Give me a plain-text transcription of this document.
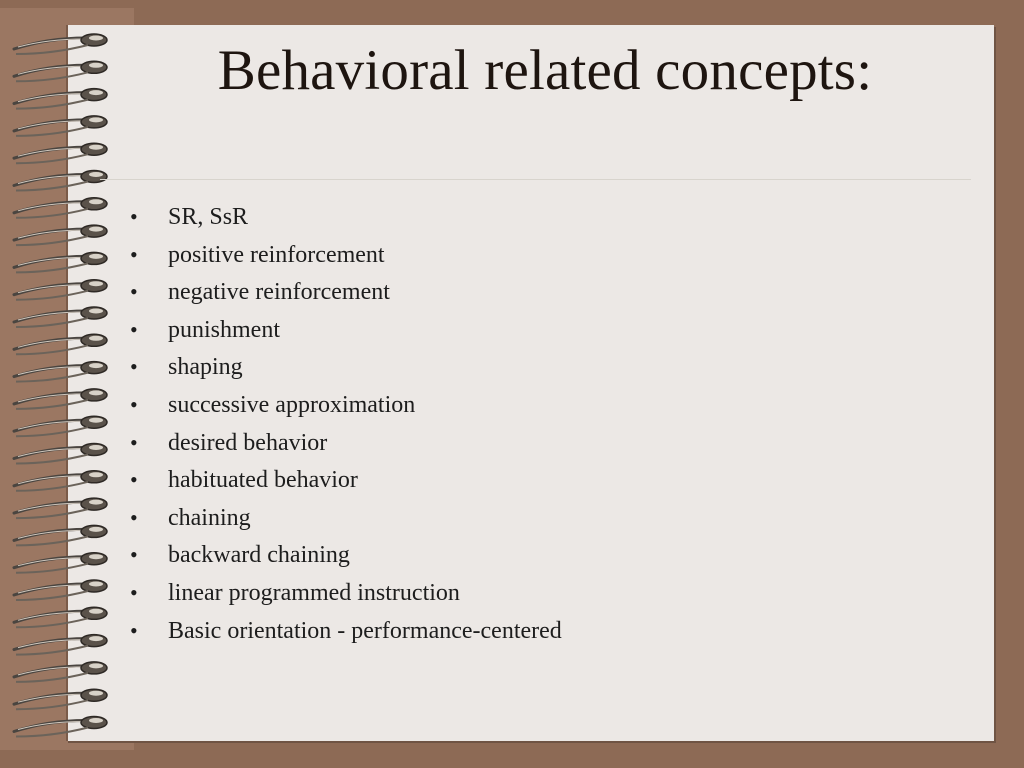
Behavioral related concepts:
• SR, SsR
• positive reinforcement
• negative reinforcement
• punishment
• shaping
• successive approximation
• desired behavior
• habituated behavior
• chaining
• backward chaining
• linear programmed instruction
• Basic orientation - performance-centered
